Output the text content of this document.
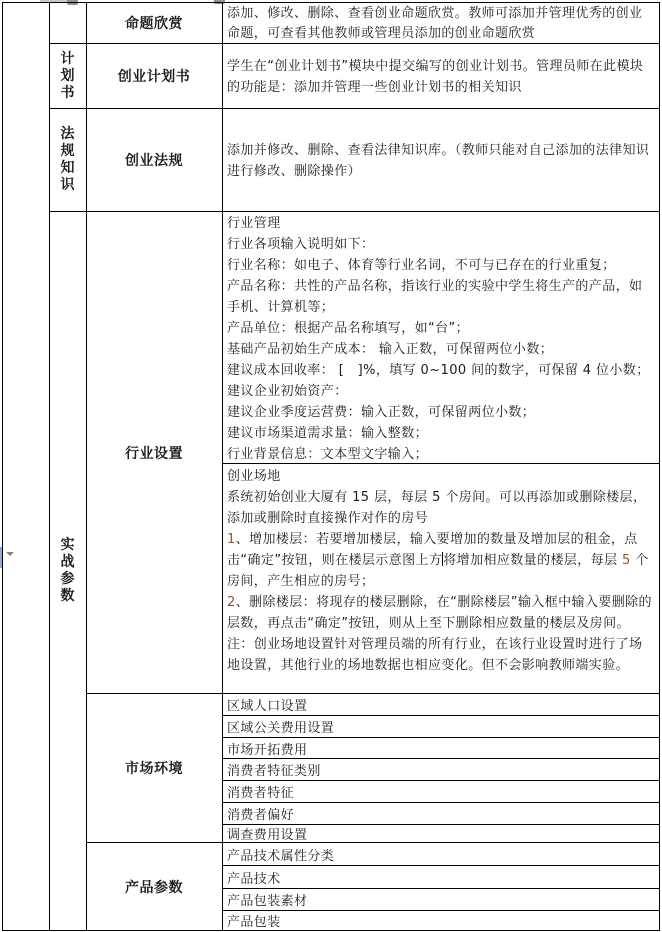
命题欣赏
添加、修改、删除、查看创业命题欣赏。教师可添加并管理优秀的创业命题，可查看其他教师或管理员添加的创业命题欣赏
计划书
创业计划书
学生在“创业计划书”模块中提交编写的创业计划书。管理员师在此模块的功能是：添加并管理一些创业计划书的相关知识
法规知识
创业法规
添加并修改、删除、查看法律知识库。（教师只能对自己添加的法律知识进行修改、删除操作）
实战参数
行业设置
行业管理
行业各项输入说明如下：
行业名称：如电子、体育等行业名词，不可与已存在的行业重复；
产品名称：共性的产品名称，指该行业的实验中学生将生产的产品，如手机、计算机等；
产品单位：根据产品名称填写，如“台”；
基础产品初始生产成本： 输入正数，可保留两位小数；
建议成本回收率： [　]%，填写 0~100 间的数字，可保留 4 位小数；
建议企业初始资产：
建议企业季度运营费：输入正数，可保留两位小数；
建议市场渠道需求量：输入整数；
行业背景信息：文本型文字输入；
创业场地
系统初始创业大厦有 15 层，每层 5 个房间。可以再添加或删除楼层，添加或删除时直接操作对作的房号
1、增加楼层：若要增加楼层，输入要增加的数量及增加层的租金，点击“确定”按钮，则在楼层示意图上方将增加相应数量的楼层，每层 5 个房间，产生相应的房号；
2、删除楼层：将现存的楼层删除，在“删除楼层”输入框中输入要删除的层数，再点击“确定”按钮，则从上至下删除相应数量的楼层及房间。注：创业场地设置针对管理员端的所有行业，在该行业设置时进行了场地设置，其他行业的场地数据也相应变化。但不会影响教师端实验。
市场环境
区域人口设置
区域公关费用设置
市场开拓费用
消费者特征类别
消费者特征
消费者偏好
调查费用设置
产品参数
产品技术属性分类
产品技术
产品包装素材
产品包装
